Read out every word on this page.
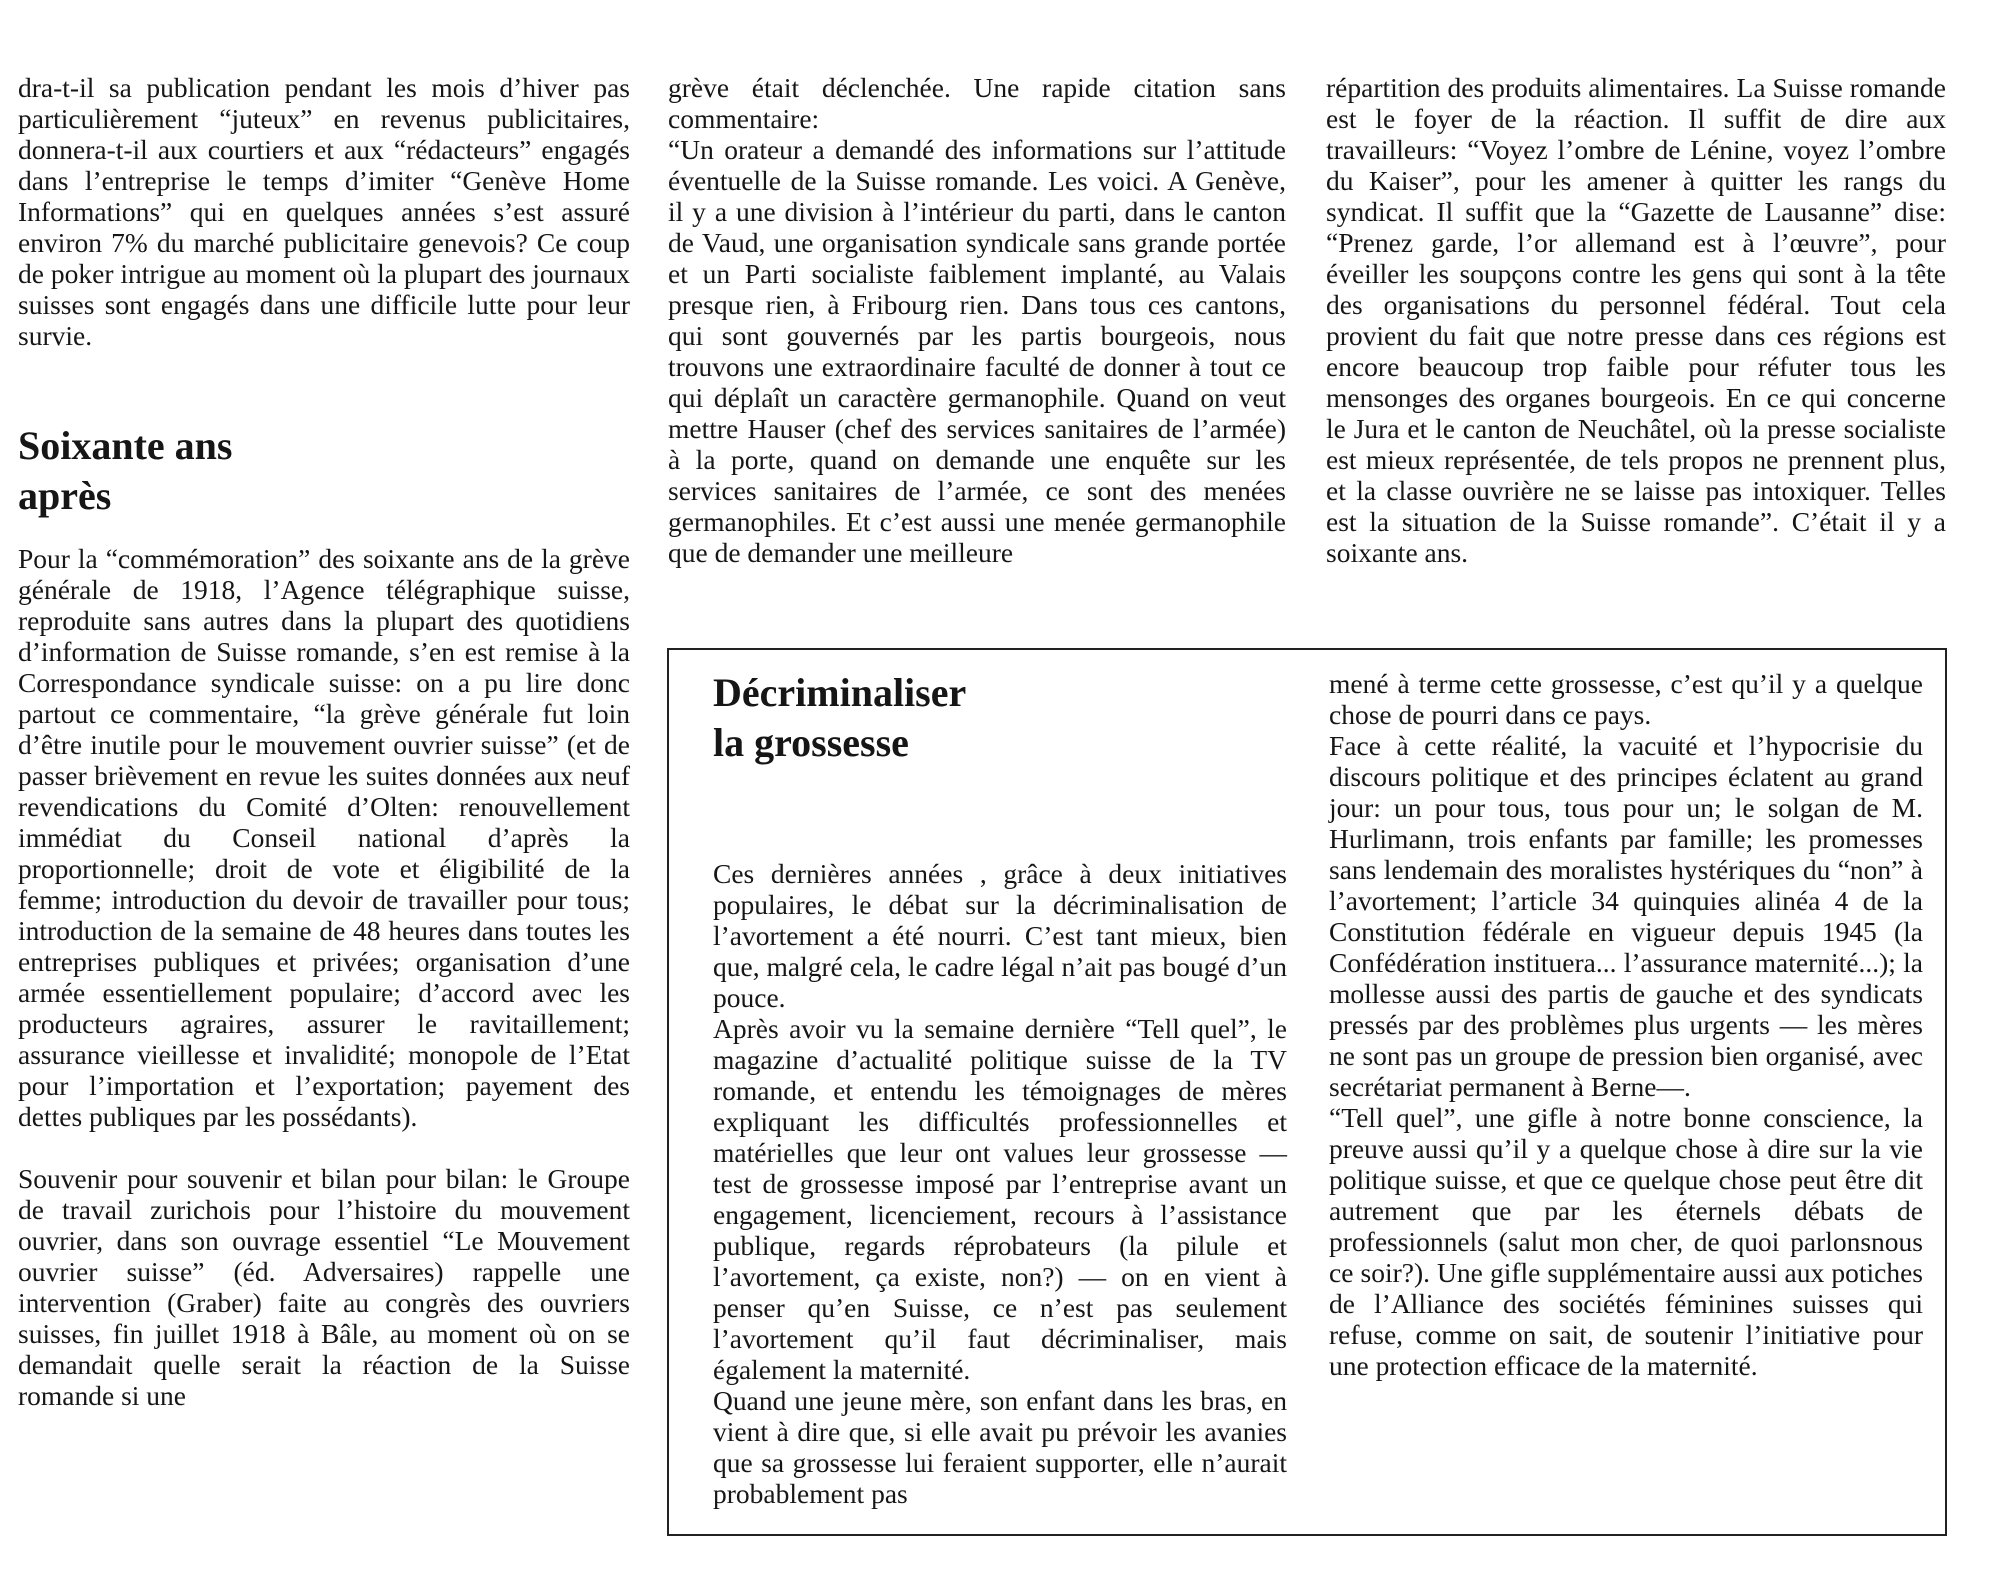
dra-t-il sa publication pendant les mois d’hiver pas particulièrement “juteux” en revenus publicitaires, donnera-t-il aux courtiers et aux “rédacteurs” engagés dans l’entreprise le temps d’imiter “Genève Home Informations” qui en quelques années s’est assuré environ 7% du marché publicitaire genevois? Ce coup de poker intrigue au moment où la plupart des journaux suisses sont engagés dans une difficile lutte pour leur survie.

Soixante ans
après

Pour la “commémoration” des soixante ans de la grève générale de 1918, l’Agence télégraphique suisse, reproduite sans autres dans la plupart des quotidiens d’information de Suisse romande, s’en est remise à la Correspondance syndicale suisse: on a pu lire donc partout ce commentaire, “la grève générale fut loin d’être inutile pour le mouvement ouvrier suisse” (et de passer brièvement en revue les suites données aux neuf revendications du Comité d’Olten: renouvellement immédiat du Conseil national d’après la proportionnelle; droit de vote et éligibilité de la femme; introduction du devoir de travailler pour tous; introduction de la semaine de 48 heures dans toutes les entreprises publiques et privées; organisation d’une armée essentiellement populaire; d’accord avec les producteurs agraires, assurer le ravitaillement; assurance vieillesse et invalidité; monopole de l’Etat pour l’importation et l’exportation; payement des dettes publiques par les possédants).

Souvenir pour souvenir et bilan pour bilan: le Groupe de travail zurichois pour l’histoire du mouvement ouvrier, dans son ouvrage essentiel “Le Mouvement ouvrier suisse” (éd. Adversaires) rappelle une intervention (Graber) faite au congrès des ouvriers suisses, fin juillet 1918 à Bâle, au moment où on se demandait quelle serait la réaction de la Suisse romande si une

grève était déclenchée. Une rapide citation sans commentaire:

“Un orateur a demandé des informations sur l’attitude éventuelle de la Suisse romande. Les voici. A Genève, il y a une division à l’intérieur du parti, dans le canton de Vaud, une organisation syndicale sans grande portée et un Parti socialiste faiblement implanté, au Valais presque rien, à Fribourg rien. Dans tous ces cantons, qui sont gouvernés par les partis bourgeois, nous trouvons une extraordinaire faculté de donner à tout ce qui déplaît un caractère germanophile. Quand on veut mettre Hauser (chef des services sanitaires de l’armée) à la porte, quand on demande une enquête sur les services sanitaires de l’armée, ce sont des menées germanophiles. Et c’est aussi une menée germanophile que de demander une meilleure

répartition des produits alimentaires. La Suisse romande est le foyer de la réaction. Il suffit de dire aux travailleurs: “Voyez l’ombre de Lénine, voyez l’ombre du Kaiser”, pour les amener à quitter les rangs du syndicat. Il suffit que la “Gazette de Lausanne” dise: “Prenez garde, l’or allemand est à l’œuvre”, pour éveiller les soupçons contre les gens qui sont à la tête des organisations du personnel fédéral. Tout cela provient du fait que notre presse dans ces régions est encore beaucoup trop faible pour réfuter tous les mensonges des organes bourgeois. En ce qui concerne le Jura et le canton de Neuchâtel, où la presse socialiste est mieux représentée, de tels propos ne prennent plus, et la classe ouvrière ne se laisse pas intoxiquer. Telles est la situation de la Suisse romande”. C’était il y a soixante ans.

Décriminaliser
la grossesse

Ces dernières années , grâce à deux initiatives populaires, le débat sur la décriminalisation de l’avortement a été nourri. C’est tant mieux, bien que, malgré cela, le cadre légal n’ait pas bougé d’un pouce.

Après avoir vu la semaine dernière “Tell quel”, le magazine d’actualité politique suisse de la TV romande, et entendu les témoignages de mères expliquant les difficultés professionnelles et matérielles que leur ont values leur grossesse — test de grossesse imposé par l’entreprise avant un engagement, licenciement, recours à l’assistance publique, regards réprobateurs (la pilule et l’avortement, ça existe, non?) — on en vient à penser qu’en Suisse, ce n’est pas seulement l’avortement qu’il faut décriminaliser, mais également la maternité.

Quand une jeune mère, son enfant dans les bras, en vient à dire que, si elle avait pu prévoir les avanies que sa grossesse lui feraient supporter, elle n’aurait probablement pas

mené à terme cette grossesse, c’est qu’il y a quelque chose de pourri dans ce pays.

Face à cette réalité, la vacuité et l’hypocrisie du discours politique et des principes éclatent au grand jour: un pour tous, tous pour un; le solgan de M. Hurlimann, trois enfants par famille; les promesses sans lendemain des moralistes hystériques du “non” à l’avortement; l’article 34 quinquies alinéa 4 de la Constitution fédérale en vigueur depuis 1945 (la Confédération instituera... l’assurance maternité...); la mollesse aussi des partis de gauche et des syndicats pressés par des problèmes plus urgents — les mères ne sont pas un groupe de pression bien organisé, avec secrétariat permanent à Berne—.

“Tell quel”, une gifle à notre bonne conscience, la preuve aussi qu’il y a quelque chose à dire sur la vie politique suisse, et que ce quelque chose peut être dit autrement que par les éternels débats de professionnels (salut mon cher, de quoi parlonsnous ce soir?). Une gifle supplémentaire aussi aux potiches de l’Alliance des sociétés féminines suisses qui refuse, comme on sait, de soutenir l’initiative pour une protection efficace de la maternité.
